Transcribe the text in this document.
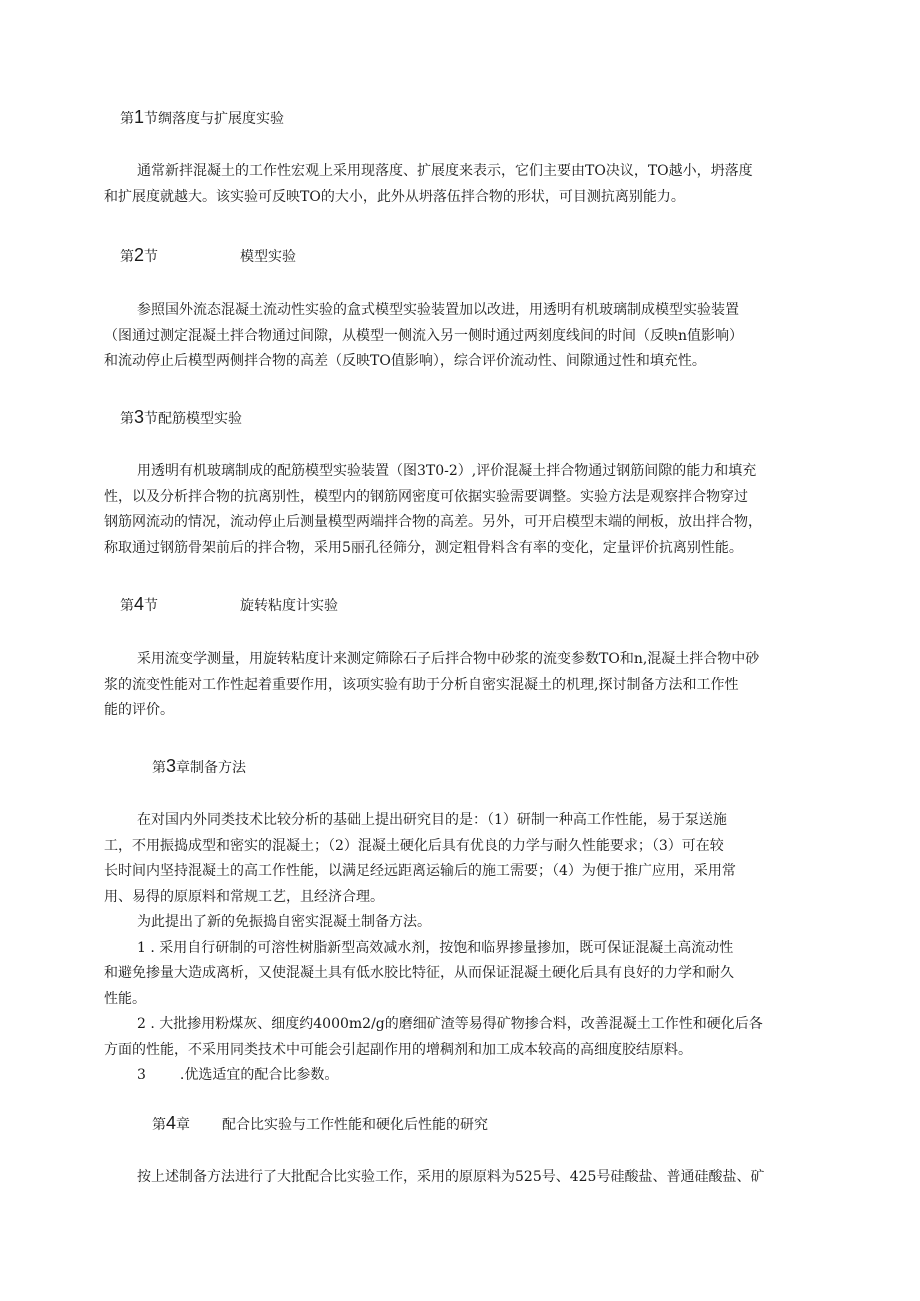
第1节绸落度与扩展度实验
通常新拌混凝土的工作性宏观上采用现落度、扩展度来表示，它们主要由TO决议，TO越小，坍落度
和扩展度就越大。该实验可反映TO的大小，此外从坍落伍拌合物的形状，可目测抗离别能力。
第2节	模型实验
参照国外流态混凝土流动性实验的盒式模型实验装置加以改进，用透明有机玻璃制成模型实验装置
（图通过测定混凝土拌合物通过间隙，从模型一侧流入另一侧时通过两刻度线间的时间（反映n值影响）
和流动停止后模型两侧拌合物的高差（反映TO值影响），综合评价流动性、间隙通过性和填充性。
第3节配筋模型实验
用透明有机玻璃制成的配筋模型实验装置（图3T0-2）,评价混凝土拌合物通过钢筋间隙的能力和填充
性，以及分析拌合物的抗离别性，模型内的钢筋网密度可依据实验需要调整。实验方法是观察拌合物穿过
钢筋网流动的情况，流动停止后测量模型两端拌合物的高差。另外，可开启模型末端的闸板，放出拌合物，
称取通过钢筋骨架前后的拌合物，采用5丽孔径筛分，测定粗骨料含有率的变化，定量评价抗离别性能。
第4节	旋转粘度计实验
采用流变学测量，用旋转粘度计来测定筛除石子后拌合物中砂浆的流变参数TO和n,混凝土拌合物中砂
浆的流变性能对工作性起着重要作用，该项实验有助于分析自密实混凝土的机理,探讨制备方法和工作性
能的评价。
第3章制备方法
在对国内外同类技术比较分析的基础上提出研究目的是：（1）研制一种高工作性能，易于泵送施
工，不用振捣成型和密实的混凝土；（2）混凝土硬化后具有优良的力学与耐久性能要求；（3）可在较
长时间内坚持混凝土的高工作性能，以满足经远距离运输后的施工需要；（4）为便于推广应用，采用常
用、易得的原原料和常规工艺，且经济合理。
为此提出了新的免振捣自密实混凝土制备方法。
1 . 采用自行研制的可溶性树脂新型高效减水剂，按饱和临界掺量掺加，既可保证混凝土高流动性
和避免掺量大造成离析，又使混凝土具有低水胶比特征，从而保证混凝土硬化后具有良好的力学和耐久
性能。
2 . 大批掺用粉煤灰、细度约4000m2/g的磨细矿渣等易得矿物掺合料，改善混凝土工作性和硬化后各
方面的性能，不采用同类技术中可能会引起副作用的增稠剂和加工成本较高的高细度胶结原料。
3 .优选适宜的配合比参数。
第4章 配合比实验与工作性能和硬化后性能的研究
按上述制备方法进行了大批配合比实验工作，采用的原原料为525号、425号硅酸盐、普通硅酸盐、矿
